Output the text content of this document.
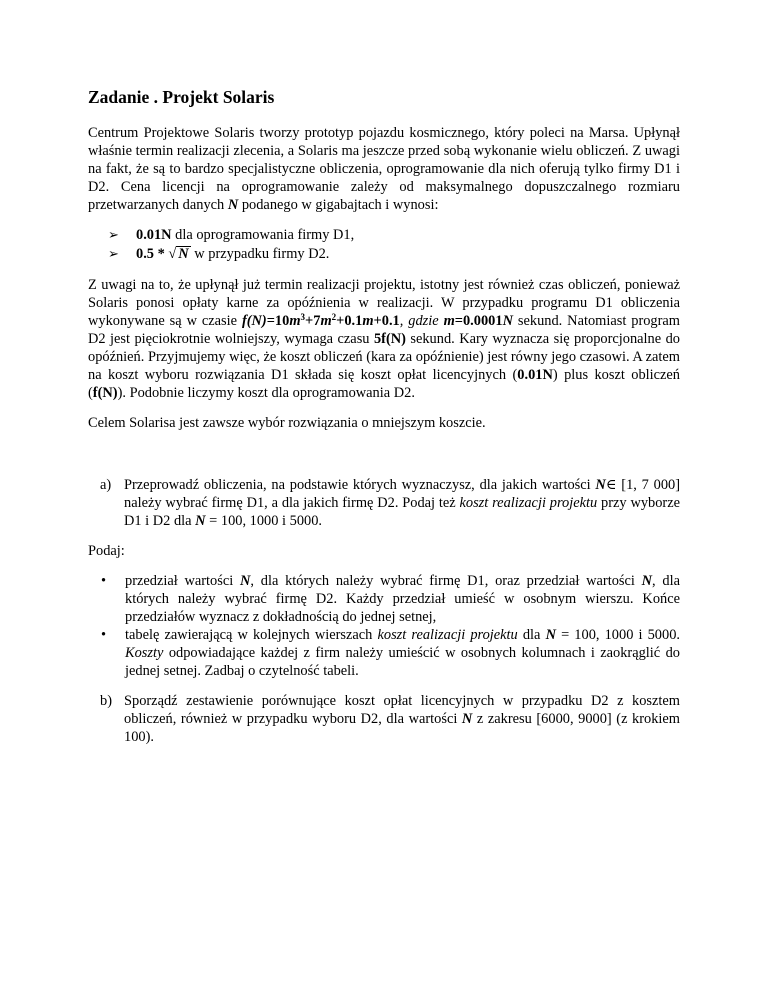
Zadanie . Projekt Solaris

Centrum Projektowe Solaris tworzy prototyp pojazdu kosmicznego, który poleci na Marsa. Upłynął właśnie termin realizacji zlecenia, a Solaris ma jeszcze przed sobą wykonanie wielu obliczeń. Z uwagi na fakt, że są to bardzo specjalistyczne obliczenia, oprogramowanie dla nich oferują tylko firmy D1 i D2. Cena licencji na oprogramowanie zależy od maksymalnego dopuszczalnego rozmiaru przetwarzanych danych N podanego w gigabajtach i wynosi:

➢ 0.01N dla oprogramowania firmy D1,
➢ 0.5 * √ N w przypadku firmy D2.

Z uwagi na to, że upłynął już termin realizacji projektu, istotny jest również czas obliczeń, ponieważ Solaris ponosi opłaty karne za opóźnienia w realizacji. W przypadku programu D1 obliczenia wykonywane są w czasie $f(N)=10m^3+7m^2+0.1m+0.1$, gdzie m=0.0001N sekund. Natomiast program D2 jest pięciokrotnie wolniejszy, wymaga czasu 5f(N) sekund. Kary wyznacza się proporcjonalne do opóźnień. Przyjmujemy więc, że koszt obliczeń (kara za opóźnienie) jest równy jego czasowi. A zatem na koszt wyboru rozwiązania D1 składa się koszt opłat licencyjnych (0.01N) plus koszt obliczeń (f(N)). Podobnie liczymy koszt dla oprogramowania D2.

Celem Solarisa jest zawsze wybór rozwiązania o mniejszym koszcie.

a) Przeprowadź obliczenia, na podstawie których wyznaczysz, dla jakich wartości N∈ [1, 7 000] należy wybrać firmę D1, a dla jakich firmę D2. Podaj też koszt realizacji projektu przy wyborze D1 i D2 dla N = 100, 1000 i 5000.

Podaj:

• przedział wartości N, dla których należy wybrać firmę D1, oraz przedział wartości N, dla których należy wybrać firmę D2. Każdy przedział umieść w osobnym wierszu. Końce przedziałów wyznacz z dokładnością do jednej setnej,
• tabelę zawierającą w kolejnych wierszach koszt realizacji projektu dla N = 100, 1000 i 5000. Koszty odpowiadające każdej z firm należy umieścić w osobnych kolumnach i zaokrąglić do jednej setnej. Zadbaj o czytelność tabeli.
b) Sporządź zestawienie porównujące koszt opłat licencyjnych w przypadku D2 z kosztem obliczeń, również w przypadku wyboru D2, dla wartości N z zakresu [6000, 9000] (z krokiem 100).
